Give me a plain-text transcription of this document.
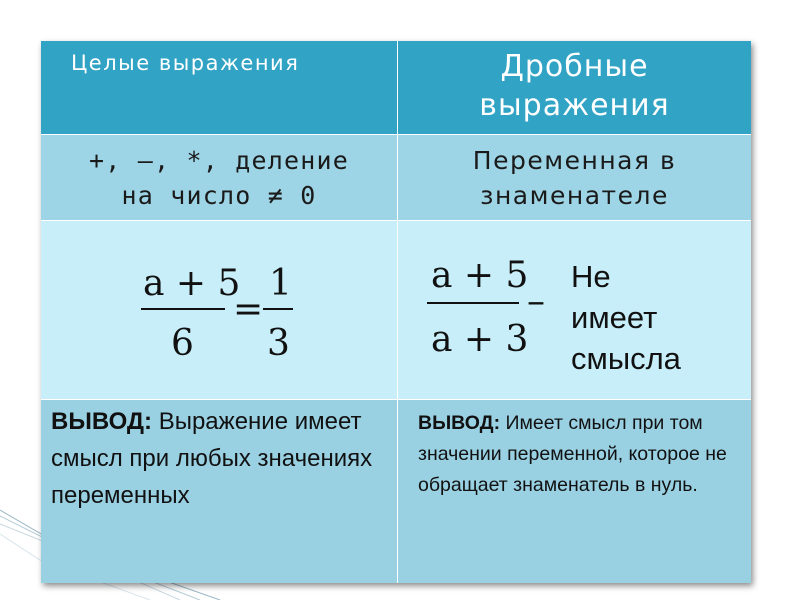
Целые выражения	Дробные
выражения
+, –, *, деление
на число ≠ 0
Переменная в
знаменателе
ВЫВОД: Выражение имеет смысл при любых значениях переменных
ВЫВОД: Имеет смысл при том значении переменной, которое не обращает знаменатель в нуль.
a + 5
6
=
1
3
a + 5
a + 3
–
Не
имеет
смысла
